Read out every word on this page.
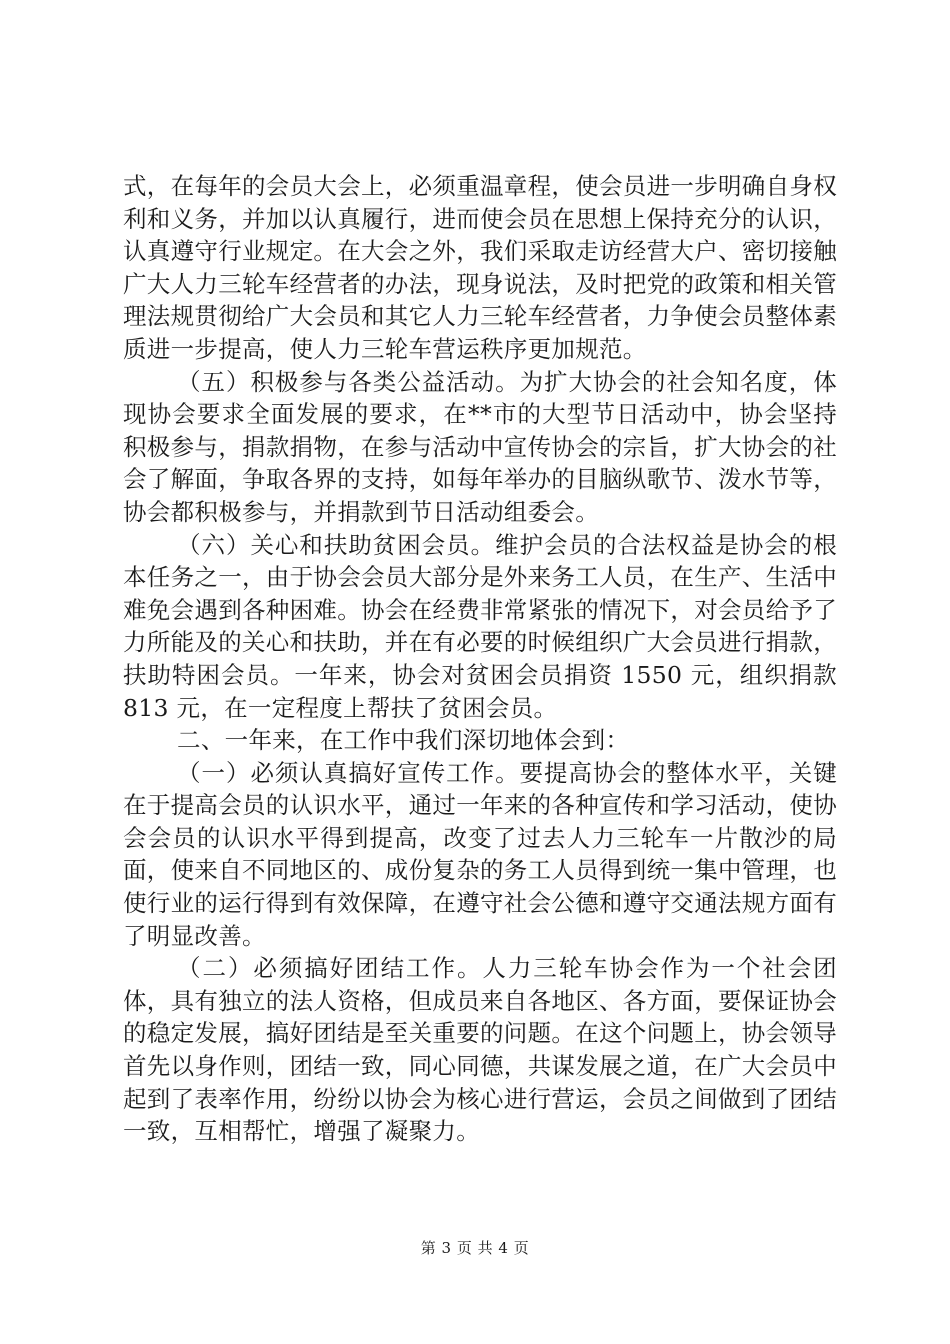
式，在每年的会员大会上，必须重温章程，使会员进一步明确自身权利和义务，并加以认真履行，进而使会员在思想上保持充分的认识，认真遵守行业规定。在大会之外，我们采取走访经营大户、密切接触广大人力三轮车经营者的办法，现身说法，及时把党的政策和相关管理法规贯彻给广大会员和其它人力三轮车经营者，力争使会员整体素质进一步提高，使人力三轮车营运秩序更加规范。

（五）积极参与各类公益活动。为扩大协会的社会知名度，体现协会要求全面发展的要求，在**市的大型节日活动中，协会坚持积极参与，捐款捐物，在参与活动中宣传协会的宗旨，扩大协会的社会了解面，争取各界的支持，如每年举办的目脑纵歌节、泼水节等，协会都积极参与，并捐款到节日活动组委会。

（六）关心和扶助贫困会员。维护会员的合法权益是协会的根本任务之一，由于协会会员大部分是外来务工人员，在生产、生活中难免会遇到各种困难。协会在经费非常紧张的情况下，对会员给予了力所能及的关心和扶助，并在有必要的时候组织广大会员进行捐款，扶助特困会员。一年来，协会对贫困会员捐资 1550 元，组织捐款 813 元，在一定程度上帮扶了贫困会员。

二、一年来，在工作中我们深切地体会到：

（一）必须认真搞好宣传工作。要提高协会的整体水平，关键在于提高会员的认识水平，通过一年来的各种宣传和学习活动，使协会会员的认识水平得到提高，改变了过去人力三轮车一片散沙的局面，使来自不同地区的、成份复杂的务工人员得到统一集中管理，也使行业的运行得到有效保障，在遵守社会公德和遵守交通法规方面有了明显改善。

（二）必须搞好团结工作。人力三轮车协会作为一个社会团体，具有独立的法人资格，但成员来自各地区、各方面，要保证协会的稳定发展，搞好团结是至关重要的问题。在这个问题上，协会领导首先以身作则，团结一致，同心同德，共谋发展之道，在广大会员中起到了表率作用，纷纷以协会为核心进行营运，会员之间做到了团结一致，互相帮忙，增强了凝聚力。

第 3 页 共 4 页
